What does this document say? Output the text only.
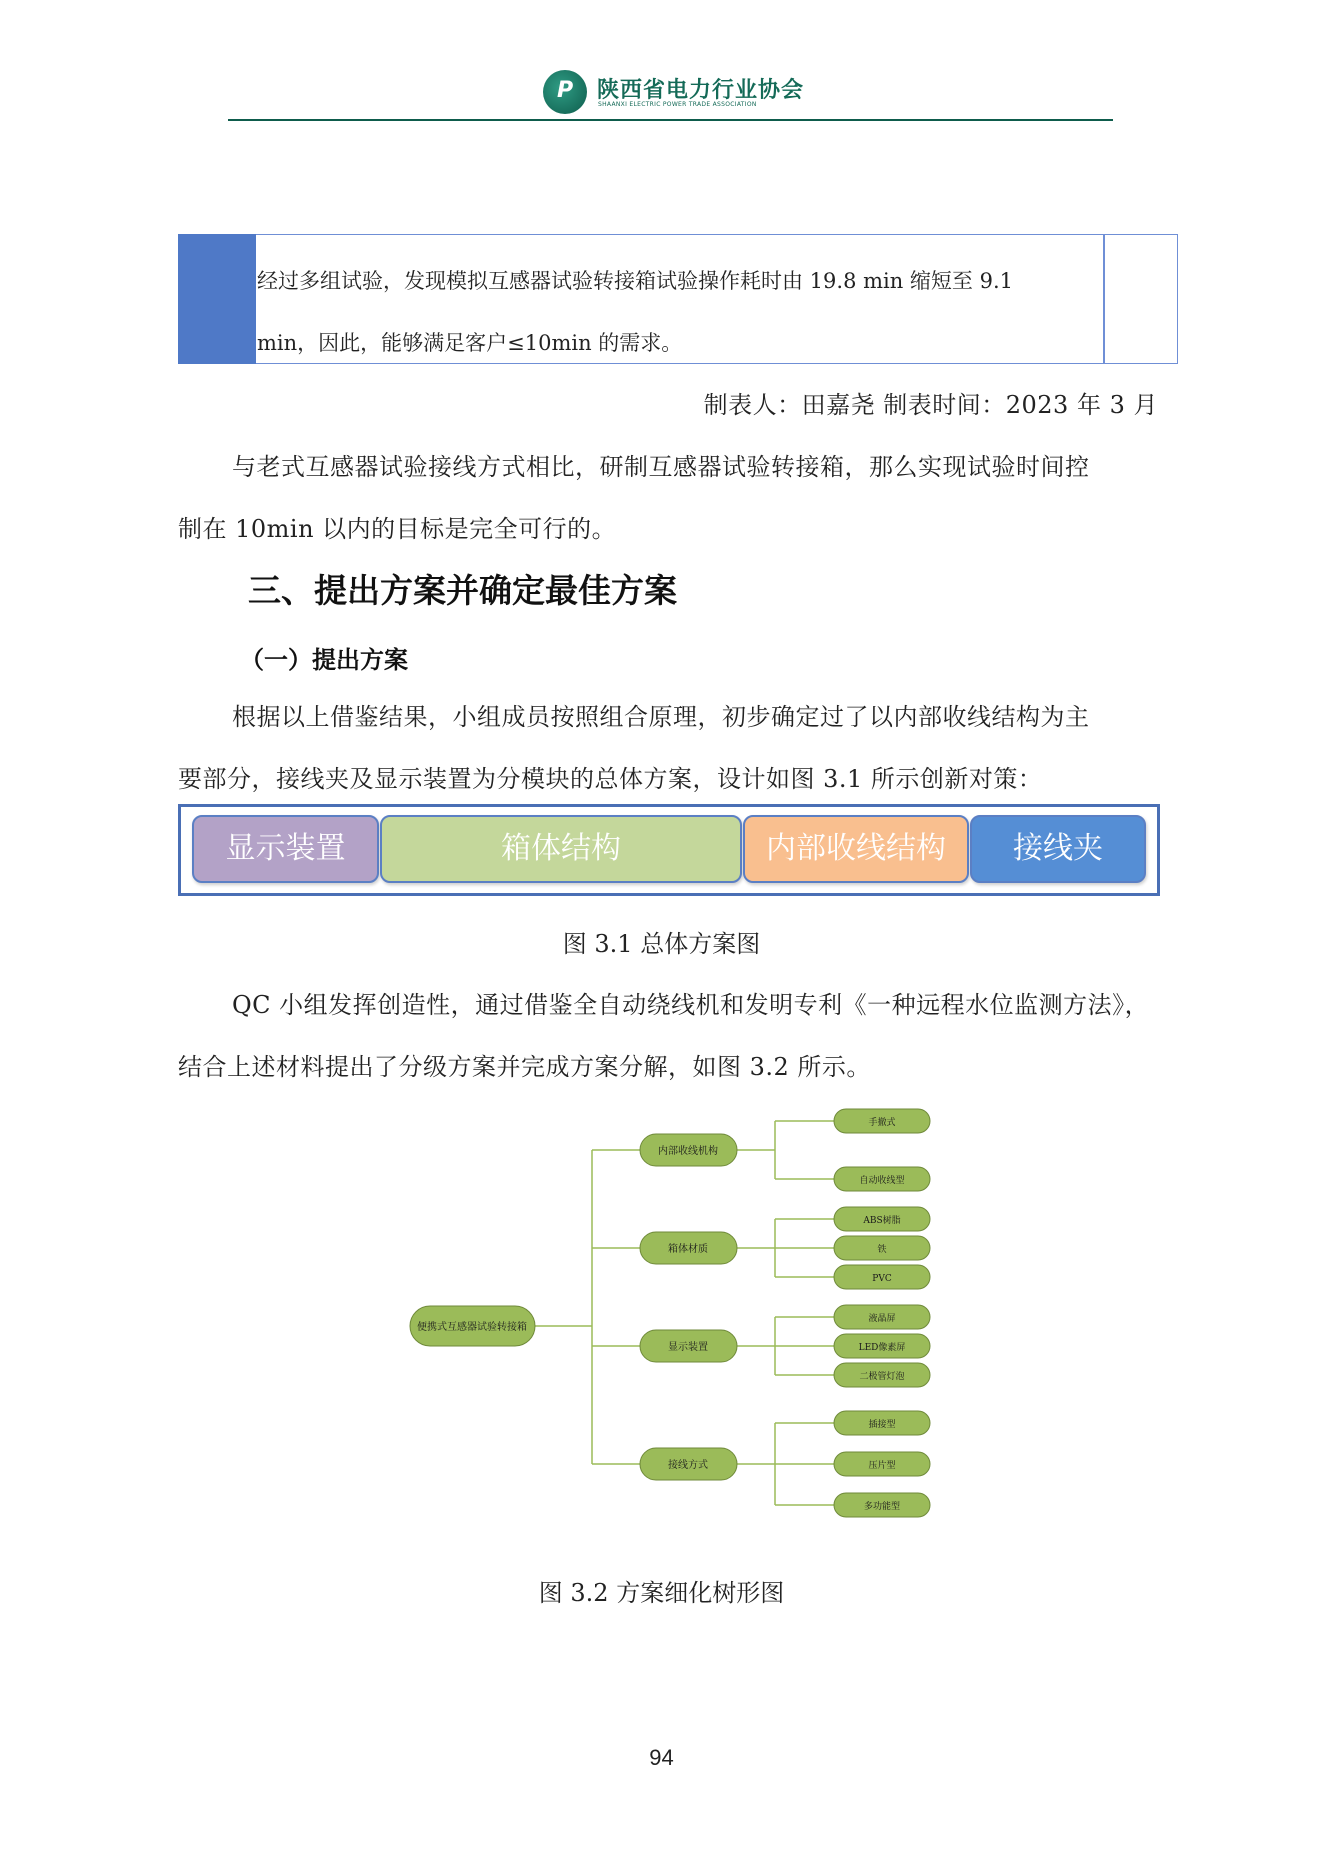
P	陕西省电力行业协会
SHAANXI ELECTRIC POWER TRADE ASSOCIATION
经过多组试验，发现模拟互感器试验转接箱试验操作耗时由 19.8 min 缩短至 9.1
min，因此，能够满足客户≤10min 的需求。
制表人：田嘉尧 制表时间：2023 年 3 月
与老式互感器试验接线方式相比，研制互感器试验转接箱，那么实现试验时间控
制在 10min 以内的目标是完全可行的。
三、提出方案并确定最佳方案
（一）提出方案
根据以上借鉴结果，小组成员按照组合原理，初步确定过了以内部收线结构为主
要部分，接线夹及显示装置为分模块的总体方案，设计如图 3.1 所示创新对策：
显示装置	箱体结构	内部收线结构	接线夹
图 3.1 总体方案图
QC 小组发挥创造性，通过借鉴全自动绕线机和发明专利《一种远程水位监测方法》，
结合上述材料提出了分级方案并完成方案分解，如图 3.2 所示。
便携式互感器试验转接箱
内部收线机构
箱体材质
显示装置
接线方式
手撤式
自动收线型
ABS树脂
铁
PVC
液晶屏
LED像素屏
二极管灯泡
插接型
压片型
多功能型
图 3.2 方案细化树形图
94
